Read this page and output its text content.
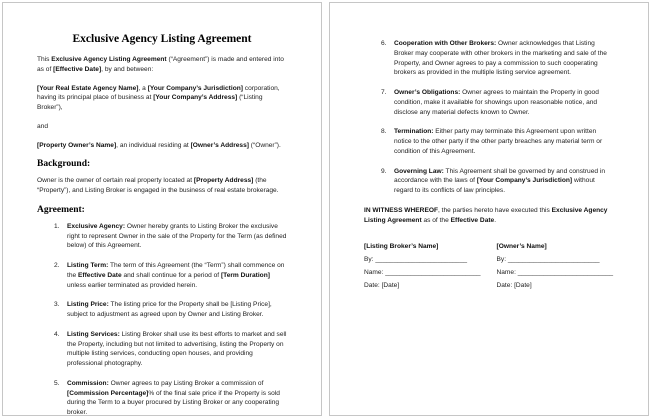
Exclusive Agency Listing Agreement

This Exclusive Agency Listing Agreement (“Agreement”) is made and entered into as of [Effective Date], by and between:

[Your Real Estate Agency Name], a [Your Company’s Jurisdiction] corporation, having its principal place of business at [Your Company’s Address] (“Listing Broker”),

and

[Property Owner’s Name], an individual residing at [Owner’s Address] (“Owner”).

Background:

Owner is the owner of certain real property located at [Property Address] (the “Property”), and Listing Broker is engaged in the business of real estate brokerage.

Agreement:
1.	Exclusive Agency: Owner hereby grants to Listing Broker the exclusive right to represent Owner in the sale of the Property for the Term (as defined below) of this Agreement.
2.	Listing Term: The term of this Agreement (the “Term”) shall commence on the Effective Date and shall continue for a period of [Term Duration] unless earlier terminated as provided herein.
3.	Listing Price: The listing price for the Property shall be [Listing Price], subject to adjustment as agreed upon by Owner and Listing Broker.
4.	Listing Services: Listing Broker shall use its best efforts to market and sell the Property, including but not limited to advertising, listing the Property on multiple listing services, conducting open houses, and providing professional photography.
5.	Commission: Owner agrees to pay Listing Broker a commission of [Commission Percentage]% of the final sale price if the Property is sold during the Term to a buyer procured by Listing Broker or any cooperating broker.
6.	Cooperation with Other Brokers: Owner acknowledges that Listing Broker may cooperate with other brokers in the marketing and sale of the Property, and Owner agrees to pay a commission to such cooperating brokers as provided in the multiple listing service agreement.
7.	Owner’s Obligations: Owner agrees to maintain the Property in good condition, make it available for showings upon reasonable notice, and disclose any material defects known to Owner.
8.	Termination: Either party may terminate this Agreement upon written notice to the other party if the other party breaches any material term or condition of this Agreement.
9.	Governing Law: This Agreement shall be governed by and construed in accordance with the laws of [Your Company’s Jurisdiction] without regard to its conflicts of law principles.

IN WITNESS WHEREOF, the parties hereto have executed this Exclusive Agency Listing Agreement as of the Effective Date.

[Listing Broker’s Name]
By: _________________________
Name: __________________________
Date: [Date]
[Owner’s Name]
By: _________________________
Name: __________________________
Date: [Date]
